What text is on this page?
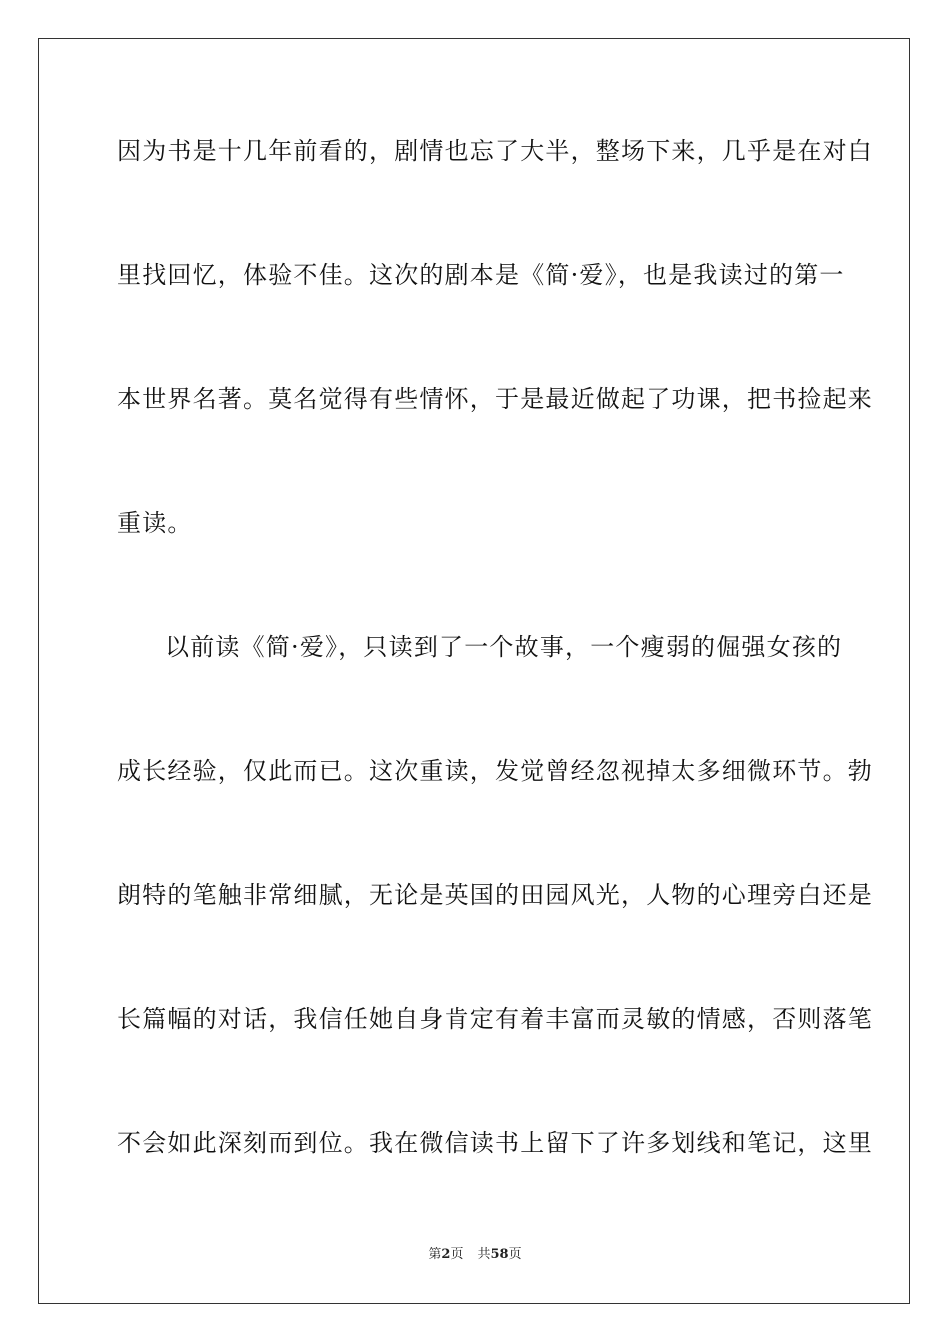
因为书是十几年前看的，剧情也忘了大半，整场下来，几乎是在对白
里找回忆，体验不佳。这次的剧本是《简·爱》，也是我读过的第一
本世界名著。莫名觉得有些情怀，于是最近做起了功课，把书捡起来
重读。
以前读《简·爱》，只读到了一个故事，一个瘦弱的倔强女孩的
成长经验，仅此而已。这次重读，发觉曾经忽视掉太多细微环节。勃
朗特的笔触非常细腻，无论是英国的田园风光，人物的心理旁白还是
长篇幅的对话，我信任她自身肯定有着丰富而灵敏的情感，否则落笔
不会如此深刻而到位。我在微信读书上留下了许多划线和笔记，这里
第2页 共58页
